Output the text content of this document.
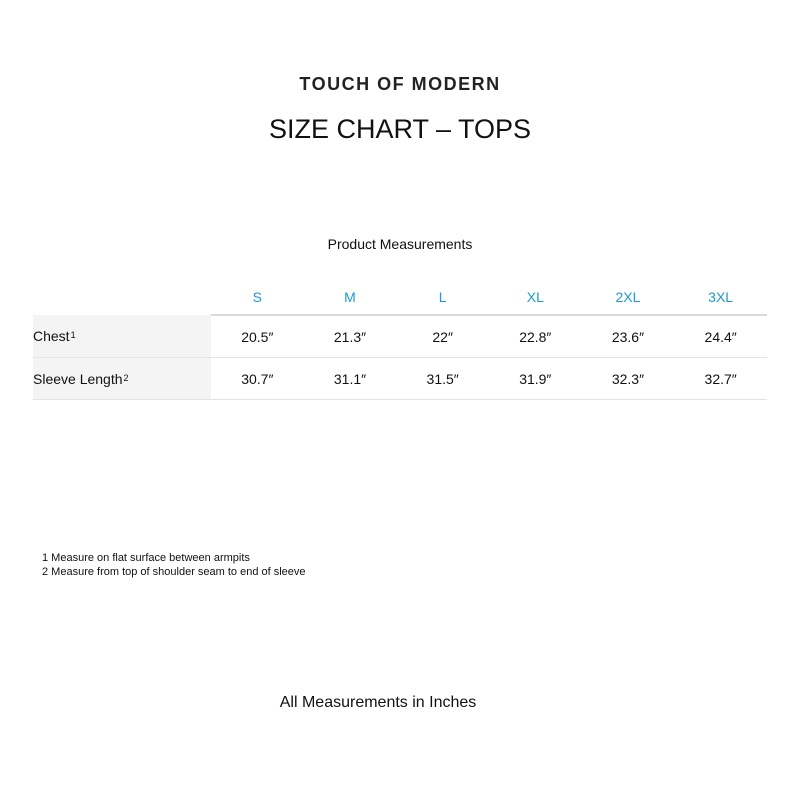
TOUCH OF MODERN
SIZE CHART – TOPS
Product Measurements
	S	M	L	XL	2XL	3XL
Chest$^1$	20.5″	21.3″	22″	22.8″	23.6″	24.4″
Sleeve Length$^2$	30.7″	31.1″	31.5″	31.9″	32.3″	32.7″
1 Measure on flat surface between armpits
2 Measure from top of shoulder seam to end of sleeve
All Measurements in Inches
